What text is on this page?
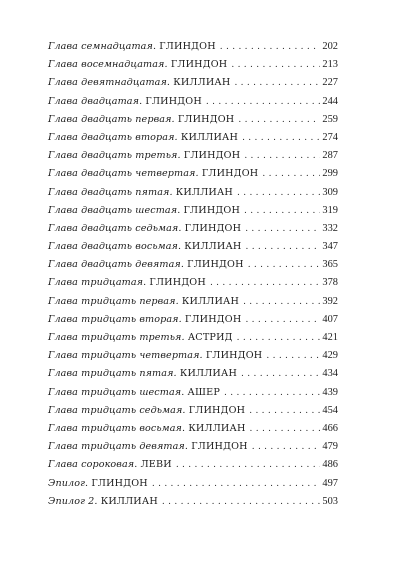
Глава семнадцатая. ГЛИНДОН . . .	202
Глава восемнадцатая. ГЛИНДОН . . .	213
Глава девятнадцатая. КИЛЛИАН . . .	227
Глава двадцатая. ГЛИНДОН . . .	244
Глава двадцать первая. ГЛИНДОН . . .	259
Глава двадцать вторая. КИЛЛИАН . . .	274
Глава двадцать третья. ГЛИНДОН . . .	287
Глава двадцать четвертая. ГЛИНДОН . . .	299
Глава двадцать пятая. КИЛЛИАН . . .	309
Глава двадцать шестая. ГЛИНДОН . . .	319
Глава двадцать седьмая. ГЛИНДОН . . .	332
Глава двадцать восьмая. КИЛЛИАН . . .	347
Глава двадцать девятая. ГЛИНДОН . . .	365
Глава тридцатая. ГЛИНДОН . . .	378
Глава тридцать первая. КИЛЛИАН . . .	392
Глава тридцать вторая. ГЛИНДОН . . .	407
Глава тридцать третья. АСТРИД . . .	421
Глава тридцать четвертая. ГЛИНДОН . . .	429
Глава тридцать пятая. КИЛЛИАН . . .	434
Глава тридцать шестая. АШЕР . . .	439
Глава тридцать седьмая. ГЛИНДОН . . .	454
Глава тридцать восьмая. КИЛЛИАН . . .	466
Глава тридцать девятая. ГЛИНДОН . . .	479
Глава сороковая. ЛЕВИ . . .	486
Эпилог. ГЛИНДОН . . .	497
Эпилог 2. КИЛЛИАН . . .	503
